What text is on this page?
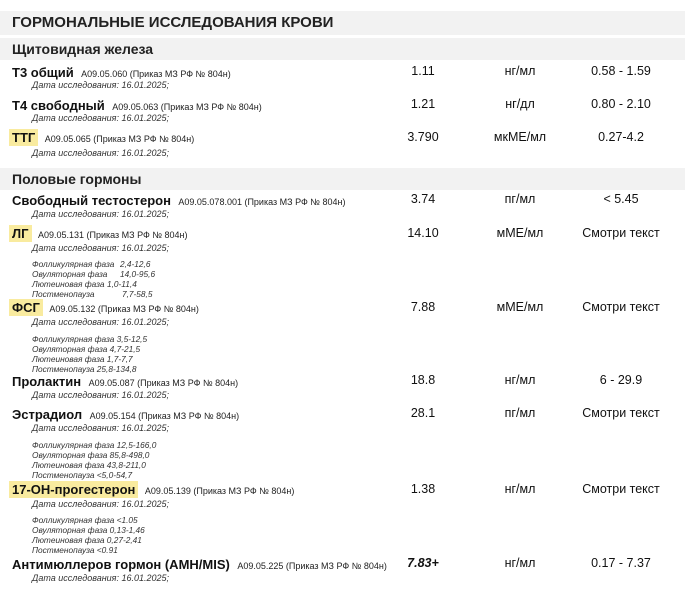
ГОРМОНАЛЬНЫЕ ИССЛЕДОВАНИЯ КРОВИ
Щитовидная железа
Т3 общий A09.05.060 (Приказ МЗ РФ № 804н)
Дата исследования: 16.01.2025;
1.11	нг/мл	0.58 - 1.59
Т4 свободный A09.05.063 (Приказ МЗ РФ № 804н)
Дата исследования: 16.01.2025;
1.21	нг/дл	0.80 - 2.10
ТТГ A09.05.065 (Приказ МЗ РФ № 804н)
Дата исследования: 16.01.2025;
3.790	мкМЕ/мл	0.27-4.2
Половые гормоны
Свободный тестостерон A09.05.078.001 (Приказ МЗ РФ № 804н)
Дата исследования: 16.01.2025;
3.74	пг/мл	< 5.45
ЛГ A09.05.131 (Приказ МЗ РФ № 804н)
Дата исследования: 16.01.2025;
14.10	мМЕ/мл	Смотри текст
Фолликулярная фаза 2,4-12,6
Овуляторная фаза 14,0-95,6
Лютеиновая фаза 1,0-11,4
Постменопауза	7,7-58,5
ФСГ A09.05.132 (Приказ МЗ РФ № 804н)
Дата исследования: 16.01.2025;
7.88	мМЕ/мл	Смотри текст
Фолликулярная фаза 3,5-12,5
Овуляторная фаза 4,7-21,5
Лютеиновая фаза 1,7-7,7
Постменопауза 25,8-134,8
Пролактин A09.05.087 (Приказ МЗ РФ № 804н)
Дата исследования: 16.01.2025;
18.8	нг/мл	6 - 29.9
Эстрадиол A09.05.154 (Приказ МЗ РФ № 804н)
Дата исследования: 16.01.2025;
28.1	пг/мл	Смотри текст
Фолликулярная фаза 12,5-166,0
Овуляторная фаза 85,8-498,0
Лютеиновая фаза 43,8-211,0
Постменопауза <5,0-54,7
17-ОН-прогестерон A09.05.139 (Приказ МЗ РФ № 804н)
Дата исследования: 16.01.2025;
1.38	нг/мл	Смотри текст
Фолликулярная фаза <1.05
Овуляторная фаза 0,13-1,46
Лютеиновая фаза 0,27-2,41
Постменопауза <0.91
Антимюллеров гормон (AMH/MIS) A09.05.225 (Приказ МЗ РФ № 804н)
Дата исследования: 16.01.2025;
7.83+	нг/мл	0.17 - 7.37
